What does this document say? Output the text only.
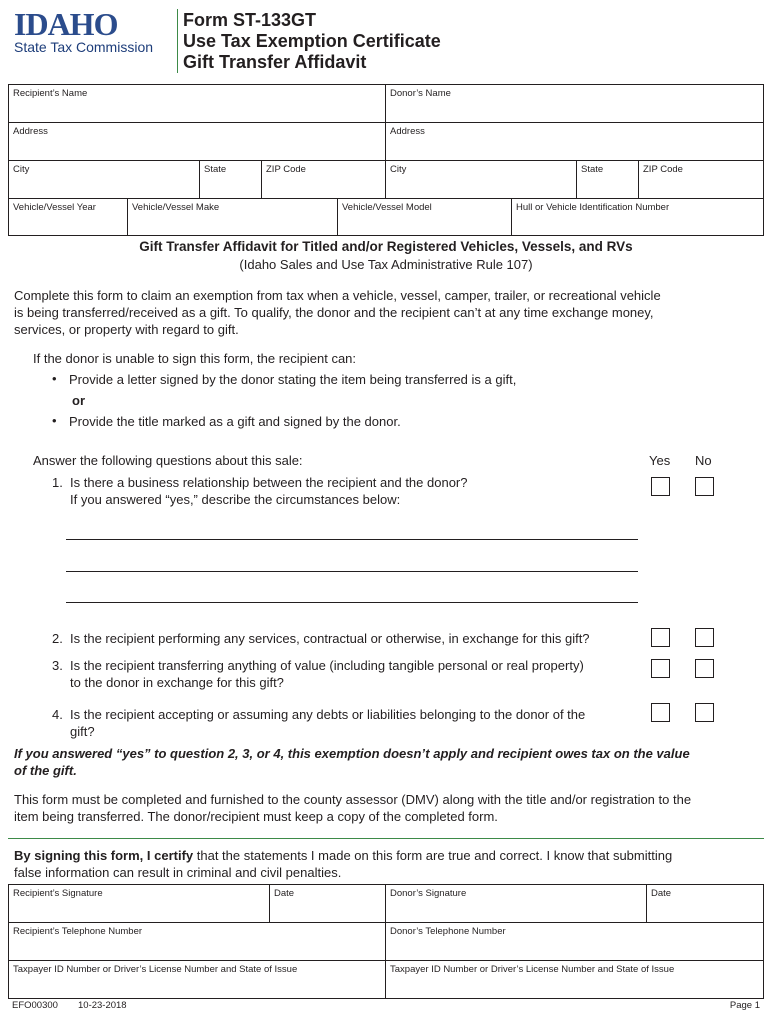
IDAHO
State Tax Commission
Form ST-133GT
Use Tax Exemption Certificate
Gift Transfer Affidavit
Recipient’s Name	Donor’s Name
Address	Address
City	State	ZIP Code	City	State	ZIP Code
Vehicle/Vessel Year	Vehicle/Vessel Make	Vehicle/Vessel Model	Hull or Vehicle Identification Number
Gift Transfer Affidavit for Titled and/or Registered Vehicles, Vessels, and RVs
(Idaho Sales and Use Tax Administrative Rule 107)
Complete this form to claim an exemption from tax when a vehicle, vessel, camper, trailer, or recreational vehicle
is being transferred/received as a gift. To qualify, the donor and the recipient can’t at any time exchange money,
services, or property with regard to gift.
If the donor is unable to sign this form, the recipient can:
• Provide a letter signed by the donor stating the item being transferred is a gift,
or
• Provide the title marked as a gift and signed by the donor.
Answer the following questions about this sale:	Yes No
1. Is there a business relationship between the recipient and the donor?
If you answered “yes,” describe the circumstances below:
2. Is the recipient performing any services, contractual or otherwise, in exchange for this gift?
3. Is the recipient transferring anything of value (including tangible personal or real property)
to the donor in exchange for this gift?
4. Is the recipient accepting or assuming any debts or liabilities belonging to the donor of the
gift?
If you answered “yes” to question 2, 3, or 4, this exemption doesn’t apply and recipient owes tax on the value
of the gift.
This form must be completed and furnished to the county assessor (DMV) along with the title and/or registration to the
item being transferred. The donor/recipient must keep a copy of the completed form.
By signing this form, I certify that the statements I made on this form are true and correct. I know that submitting
false information can result in criminal and civil penalties.
Recipient’s Signature	Date	Donor’s Signature	Date
Recipient’s Telephone Number	Donor’s Telephone Number
Taxpayer ID Number or Driver’s License Number and State of Issue	Taxpayer ID Number or Driver’s License Number and State of Issue
EFO00300 10-23-2018	Page 1
